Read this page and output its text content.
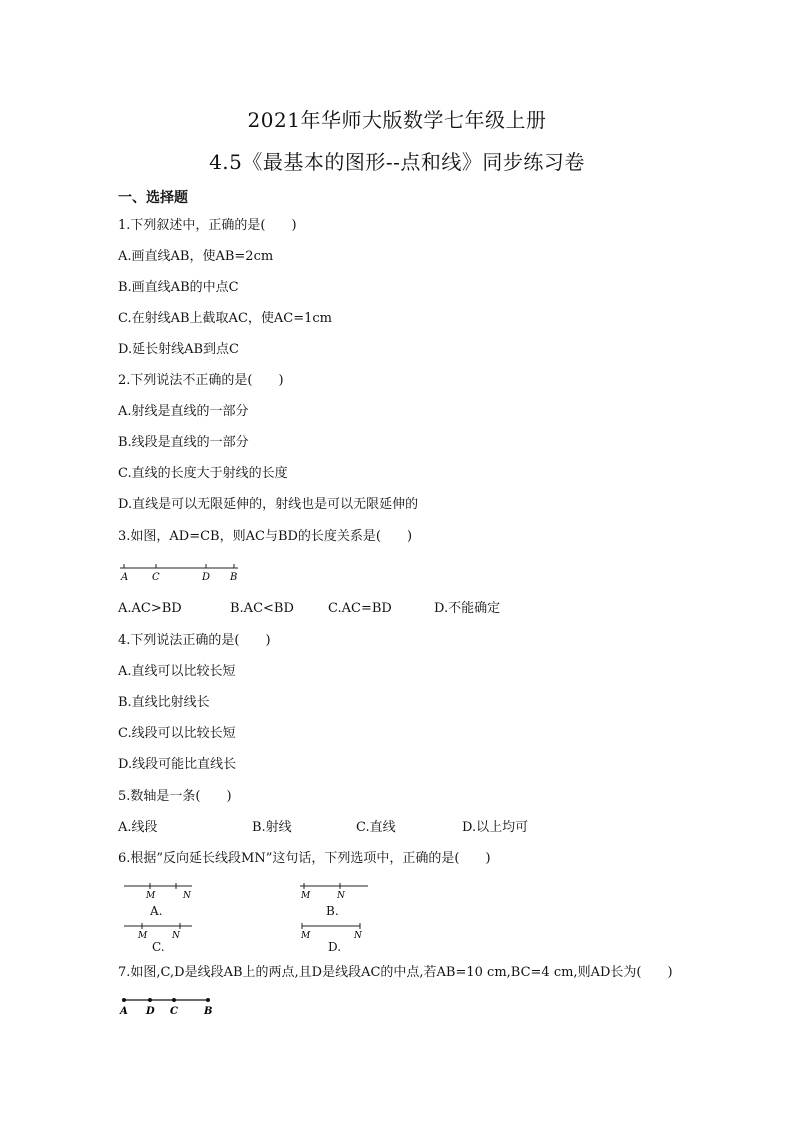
2021年华师大版数学七年级上册
4.5《最基本的图形--点和线》同步练习卷
一、选择题
1.下列叙述中，正确的是(　　)
A.画直线AB，使AB=2cm
B.画直线AB的中点C
C.在射线AB上截取AC，使AC=1cm
D.延长射线AB到点C
2.下列说法不正确的是(　　)
A.射线是直线的一部分
B.线段是直线的一部分
C.直线的长度大于射线的长度
D.直线是可以无限延伸的，射线也是可以无限延伸的
3.如图，AD=CB，则AC与BD的长度关系是(　　)
A C	D B
A.AC>BD	B.AC<BD	C.AC=BD	D.不能确定
4.下列说法正确的是(　　)
A.直线可以比较长短
B.直线比射线长
C.线段可以比较长短
D.线段可能比直线长
5.数轴是一条(　　)
A.线段	B.射线	C.直线	D.以上均可
6.根据”反向延长线段MN”这句话，下列选项中，正确的是(　　)
M	N
A.
M	N
B.
M	N
C.
M	N
D.
7.如图,C,D是线段AB上的两点,且D是线段AC的中点,若AB=10 cm,BC=4 cm,则AD长为(　　)
A D C	B
